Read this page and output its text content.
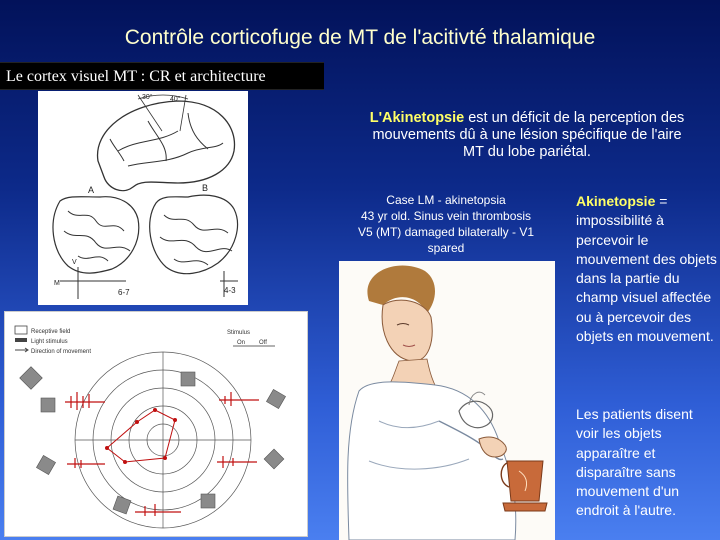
Contrôle corticofuge de MT de l'acitivté thalamique
Le cortex visuel MT : CR et architecture
30° 40°
A	B
M
V
6-7	4-3
Receptive field
Light stimulus
Direction of movement
Stimulus
On Off
L'Akinetopsie est un déficit de la perception des mouvements dû à une lésion spécifique de l'aire MT du lobe pariétal.
Case LM - akinetopsia
43 yr old. Sinus vein thrombosis
V5 (MT) damaged bilaterally - V1
spared
Akinetopsie = impossibilité à percevoir le mouvement des objets dans la partie du champ visuel affectée ou à percevoir des objets en mouvement.
Les patients disent voir les objets apparaître et disparaître sans mouvement d'un endroit à l'autre.
